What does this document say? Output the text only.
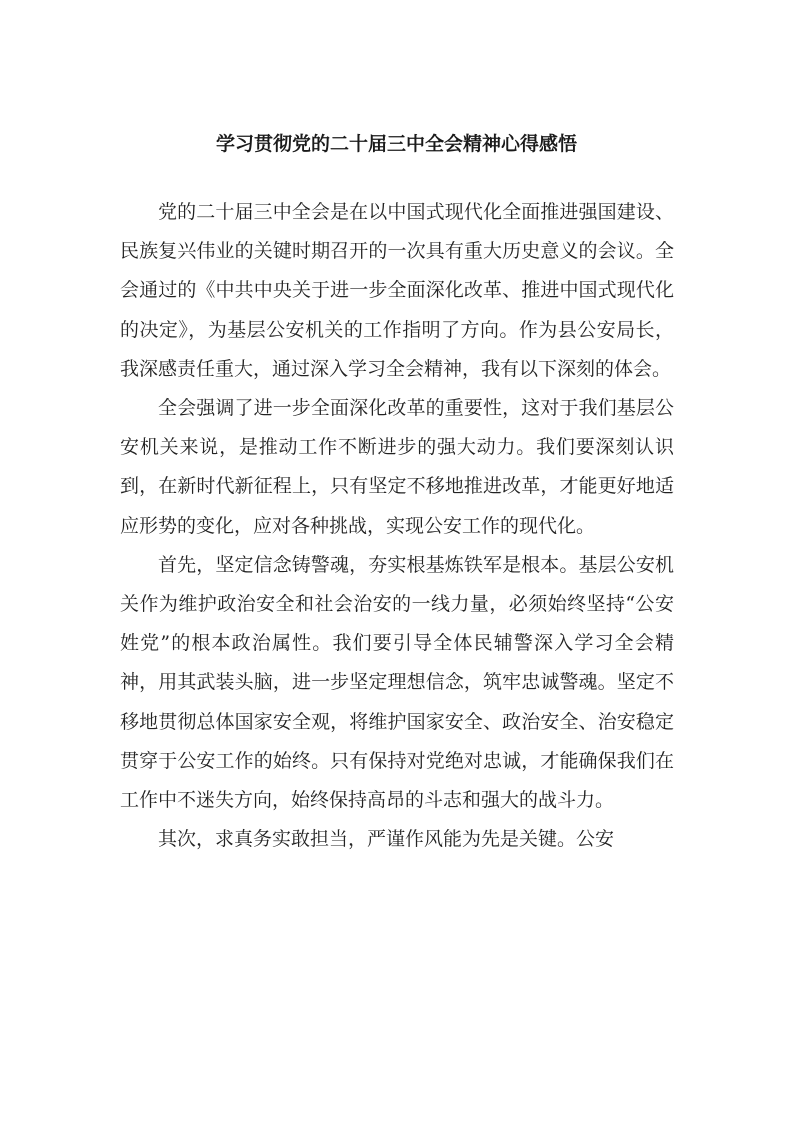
学习贯彻党的二十届三中全会精神心得感悟

党的二十届三中全会是在以中国式现代化全面推进强国建设、民族复兴伟业的关键时期召开的一次具有重大历史意义的会议。全会通过的《中共中央关于进一步全面深化改革、推进中国式现代化的决定》，为基层公安机关的工作指明了方向。作为县公安局长，我深感责任重大，通过深入学习全会精神，我有以下深刻的体会。

全会强调了进一步全面深化改革的重要性，这对于我们基层公安机关来说，是推动工作不断进步的强大动力。我们要深刻认识到，在新时代新征程上，只有坚定不移地推进改革，才能更好地适应形势的变化，应对各种挑战，实现公安工作的现代化。

首先，坚定信念铸警魂，夯实根基炼铁军是根本。基层公安机关作为维护政治安全和社会治安的一线力量，必须始终坚持“公安姓党”的根本政治属性。我们要引导全体民辅警深入学习全会精神，用其武装头脑，进一步坚定理想信念，筑牢忠诚警魂。坚定不移地贯彻总体国家安全观，将维护国家安全、政治安全、治安稳定贯穿于公安工作的始终。只有保持对党绝对忠诚，才能确保我们在工作中不迷失方向，始终保持高昂的斗志和强大的战斗力。

其次，求真务实敢担当，严谨作风能为先是关键。公安
